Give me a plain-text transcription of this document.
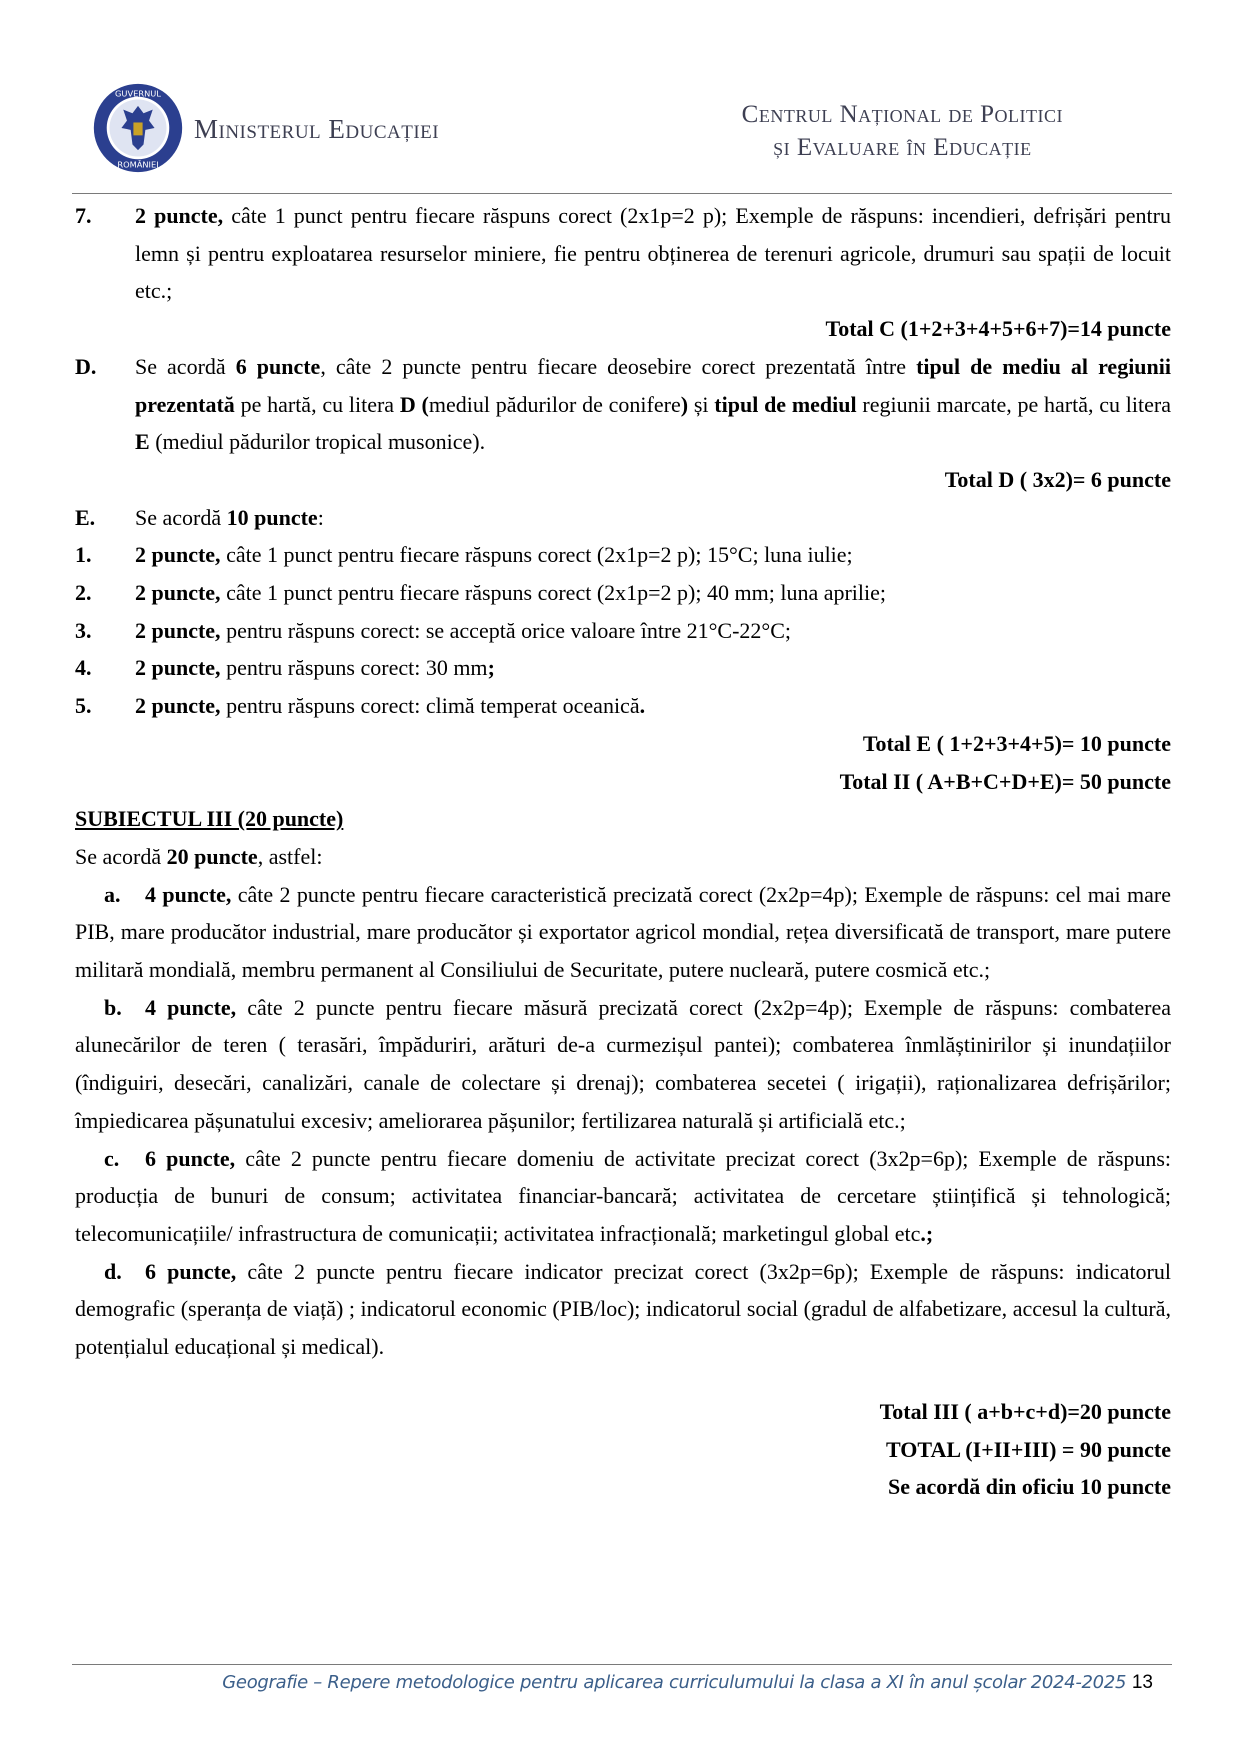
GUVERNUL
ROMÂNIEI
Ministerul Educației	Centrul Național de Politici
și Evaluare în Educație
7.	2 puncte, câte 1 punct pentru fiecare răspuns corect (2x1p=2 p); Exemple de răspuns: incendieri, defrișări pentru lemn și pentru exploatarea resurselor miniere, fie pentru obținerea de terenuri agricole, drumuri sau spații de locuit etc.;
Total C (1+2+3+4+5+6+7)=14 puncte
D.	Se acordă 6 puncte, câte 2 puncte pentru fiecare deosebire corect prezentată între tipul de mediu al regiunii prezentată pe hartă, cu litera D (mediul pădurilor de conifere) și tipul de mediul regiunii marcate, pe hartă, cu litera E (mediul pădurilor tropical musonice).
Total D ( 3x2)= 6 puncte
E.	Se acordă 10 puncte:
1.	2 puncte, câte 1 punct pentru fiecare răspuns corect (2x1p=2 p); 15°C; luna iulie;
2.	2 puncte, câte 1 punct pentru fiecare răspuns corect (2x1p=2 p); 40 mm; luna aprilie;
3.	2 puncte, pentru răspuns corect: se acceptă orice valoare între 21°C-22°C;
4.	2 puncte, pentru răspuns corect: 30 mm;
5.	2 puncte, pentru răspuns corect: climă temperat oceanică.
Total E ( 1+2+3+4+5)= 10 puncte
Total II ( A+B+C+D+E)= 50 puncte
SUBIECTUL III (20 puncte)
Se acordă 20 puncte, astfel:
a. 4 puncte, câte 2 puncte pentru fiecare caracteristică precizată corect (2x2p=4p); Exemple de răspuns: cel mai mare PIB, mare producător industrial, mare producător și exportator agricol mondial, rețea diversificată de transport, mare putere militară mondială, membru permanent al Consiliului de Securitate, putere nucleară, putere cosmică etc.;
b. 4 puncte, câte 2 puncte pentru fiecare măsură precizată corect (2x2p=4p); Exemple de răspuns: combaterea alunecărilor de teren ( terasări, împăduriri, arături de-a curmezișul pantei); combaterea înmlăștinirilor și inundațiilor (îndiguiri, desecări, canalizări, canale de colectare și drenaj); combaterea secetei ( irigații), raționalizarea defrișărilor; împiedicarea pășunatului excesiv; ameliorarea pășunilor; fertilizarea naturală și artificială etc.;
c. 6 puncte, câte 2 puncte pentru fiecare domeniu de activitate precizat corect (3x2p=6p); Exemple de răspuns: producția de bunuri de consum; activitatea financiar-bancară; activitatea de cercetare științifică și tehnologică; telecomunicațiile/ infrastructura de comunicații; activitatea infracțională; marketingul global etc.;
d. 6 puncte, câte 2 puncte pentru fiecare indicator precizat corect (3x2p=6p); Exemple de răspuns: indicatorul demografic (speranța de viață) ; indicatorul economic (PIB/loc); indicatorul social (gradul de alfabetizare, accesul la cultură, potențialul educațional și medical).
Total III ( a+b+c+d)=20 puncte
TOTAL (I+II+III) = 90 puncte
Se acordă din oficiu 10 puncte
Geografie – Repere metodologice pentru aplicarea curriculumului la clasa a XI în anul școlar 2024-2025 13
